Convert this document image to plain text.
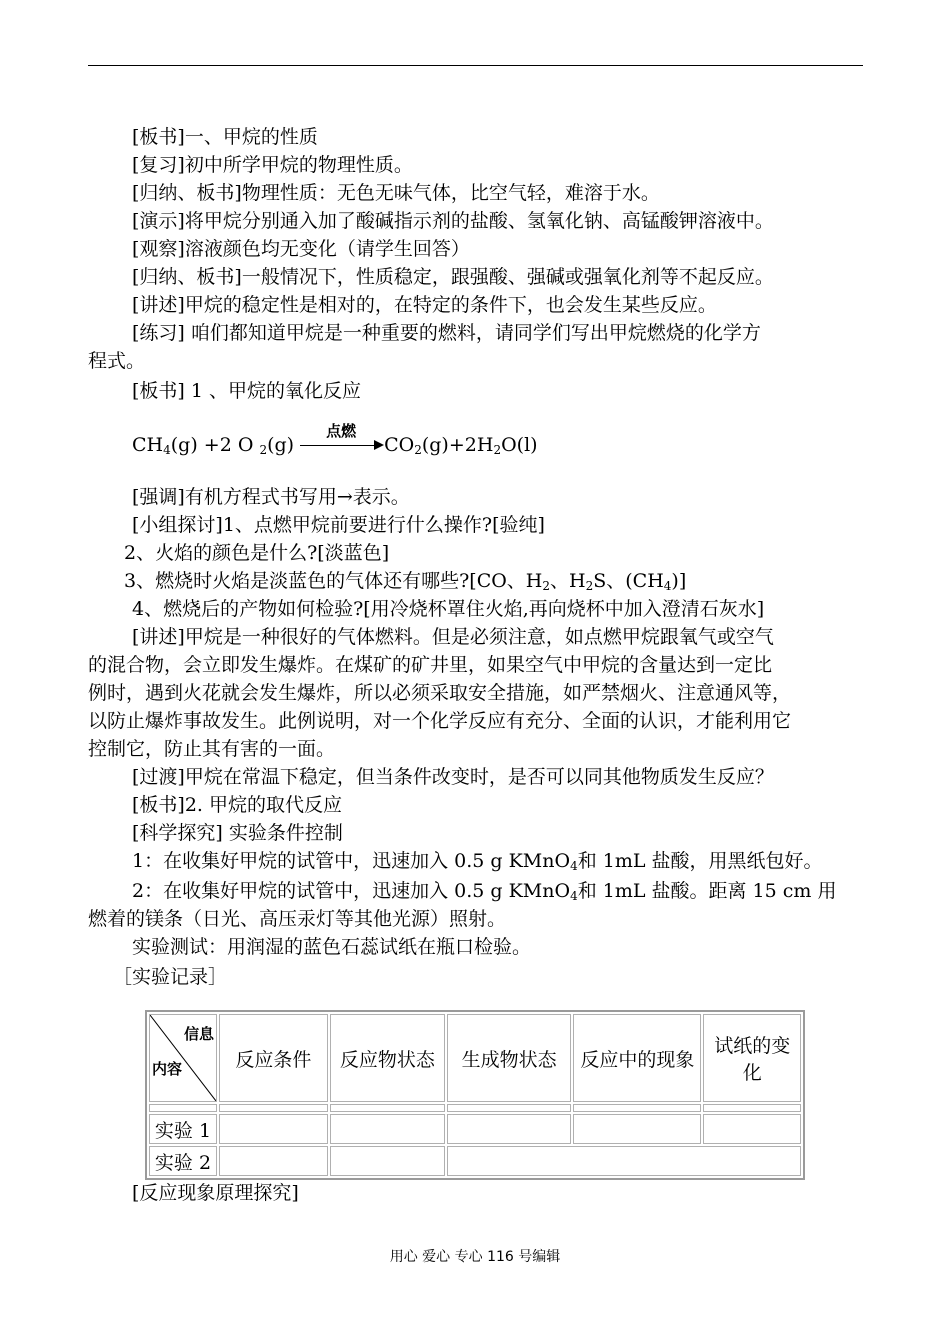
[板书]一、甲烷的性质
[复习]初中所学甲烷的物理性质。
[归纳、板书]物理性质：无色无味气体，比空气轻，难溶于水。
[演示]将甲烷分别通入加了酸碱指示剂的盐酸、氢氧化钠、高锰酸钾溶液中。
[观察]溶液颜色均无变化（请学生回答）
[归纳、板书]一般情况下，性质稳定，跟强酸、强碱或强氧化剂等不起反应。
[讲述]甲烷的稳定性是相对的，在特定的条件下，也会发生某些反应。
[练习] 咱们都知道甲烷是一种重要的燃料，请同学们写出甲烷燃烧的化学方
程式。
[板书] 1 、甲烷的氧化反应
$CH_4(g) +2$ O $_2$(g)
点燃
$CO_2(g)+2H_2O(l)$
[强调]有机方程式书写用→表示。
[小组探讨]1、点燃甲烷前要进行什么操作?[验纯]
2、火焰的颜色是什么?[淡蓝色]
3、燃烧时火焰是淡蓝色的气体还有哪些?[CO、$H_2$、$H_2S$、$(CH_4)$]
4、燃烧后的产物如何检验?[用冷烧杯罩住火焰,再向烧杯中加入澄清石灰水]
[讲述]甲烷是一种很好的气体燃料。但是必须注意，如点燃甲烷跟氧气或空气
的混合物，会立即发生爆炸。在煤矿的矿井里，如果空气中甲烷的含量达到一定比
例时，遇到火花就会发生爆炸，所以必须采取安全措施，如严禁烟火、注意通风等，
以防止爆炸事故发生。此例说明，对一个化学反应有充分、全面的认识，才能利用它
控制它，防止其有害的一面。
[过渡]甲烷在常温下稳定，但当条件改变时，是否可以同其他物质发生反应？
[板书]2. 甲烷的取代反应
[科学探究] 实验条件控制
1：在收集好甲烷的试管中，迅速加入 0.5 g KMnO$_4$和 1mL 盐酸，用黑纸包好。
2：在收集好甲烷的试管中，迅速加入 0.5 g KMnO$_4$和 1mL 盐酸。距离 15 cm 用
燃着的镁条（日光、高压汞灯等其他光源）照射。
实验测试：用润湿的蓝色石蕊试纸在瓶口检验。
［实验记录］
[反应现象原理探究]
信息
内容	反应条件	反应物状态	生成物状态	反应中的现象	试纸的变化

实验 1					
实验 2					
用心 爱心 专心 116 号编辑
